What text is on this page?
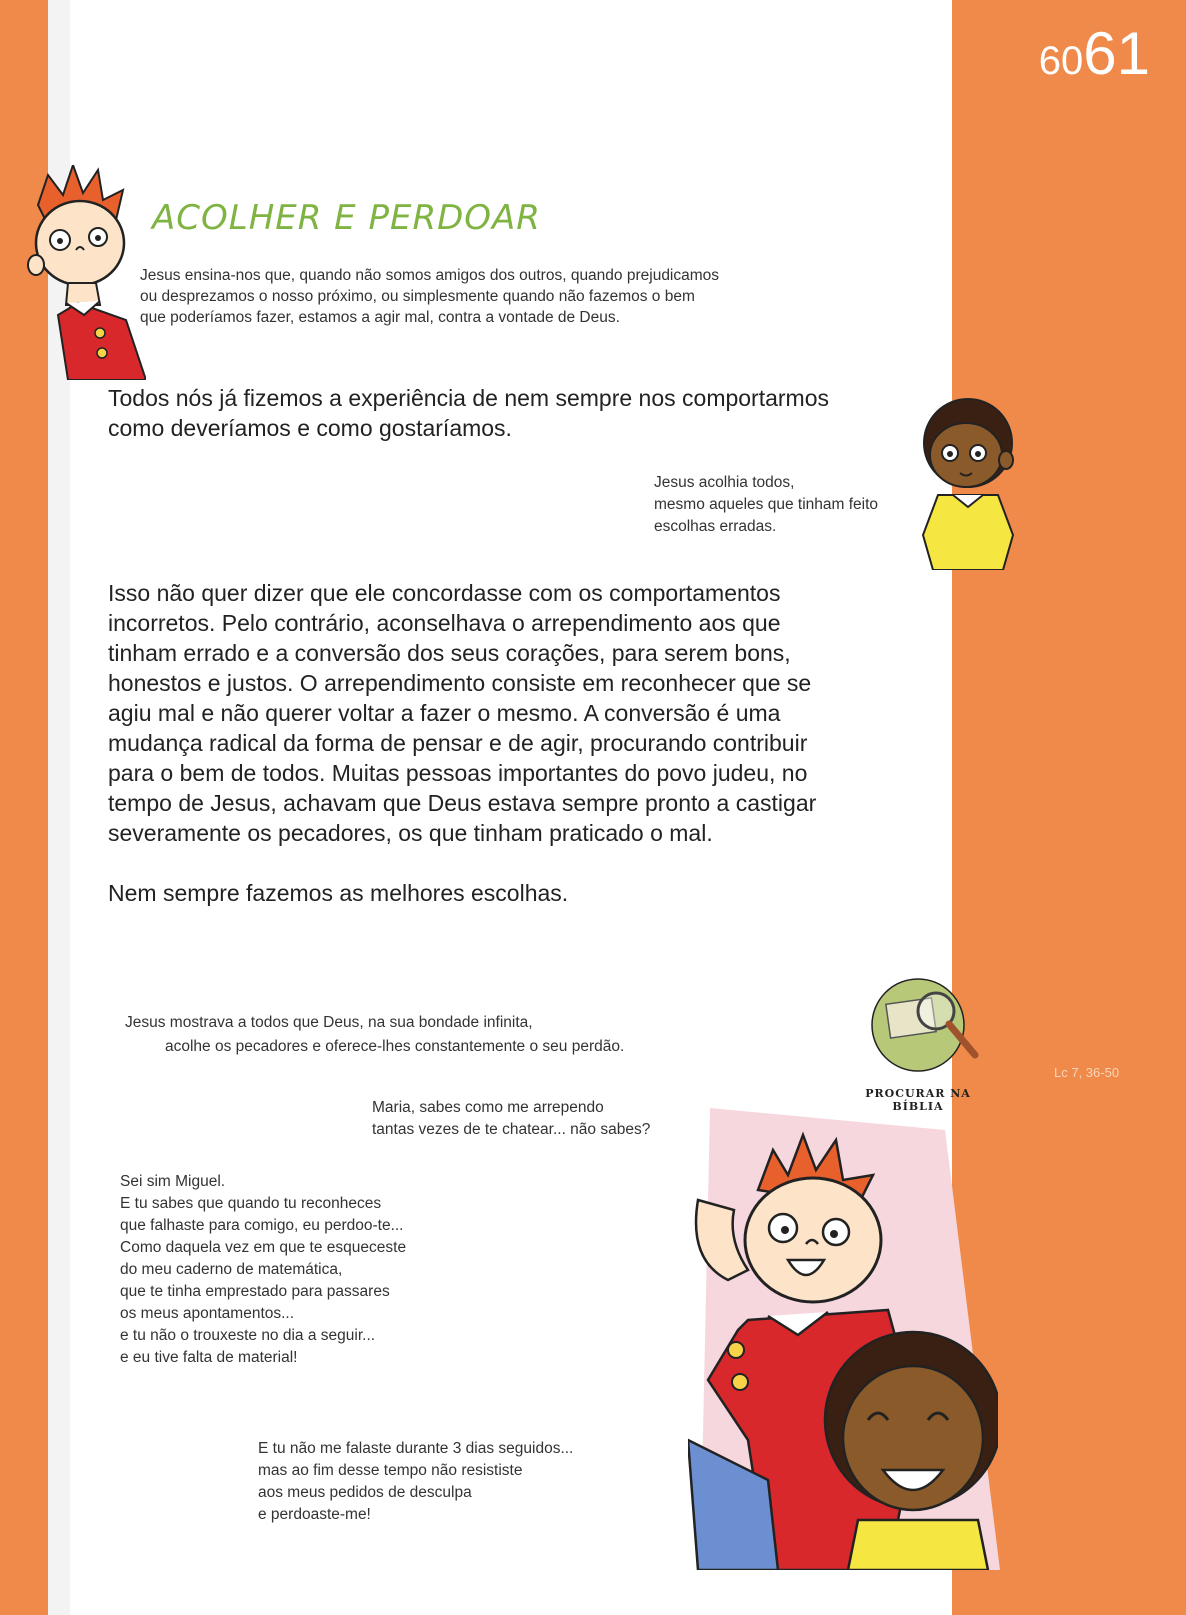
6061
ACOLHER E PERDOAR
Jesus ensina-nos que, quando não somos amigos dos outros, quando prejudicamos
ou desprezamos o nosso próximo, ou simplesmente quando não fazemos o bem
que poderíamos fazer, estamos a agir mal, contra a vontade de Deus.
Todos nós já fizemos a experiência de nem sempre nos comportarmos
como deveríamos e como gostaríamos.
Jesus acolhia todos,
mesmo aqueles que tinham feito
escolhas erradas.
Isso não quer dizer que ele concordasse com os comportamentos
incorretos. Pelo contrário, aconselhava o arrependimento aos que
tinham errado e a conversão dos seus corações, para serem bons,
honestos e justos. O arrependimento consiste em reconhecer que se
agiu mal e não querer voltar a fazer o mesmo. A conversão é uma
mudança radical da forma de pensar e de agir, procurando contribuir
para o bem de todos. Muitas pessoas importantes do povo judeu, no
tempo de Jesus, achavam que Deus estava sempre pronto a castigar
severamente os pecadores, os que tinham praticado o mal.
Nem sempre fazemos as melhores escolhas.
PROCURAR NA BÍBLIA
Jesus mostrava a todos que Deus, na sua bondade infinita,
acolhe os pecadores e oferece-lhes constantemente o seu perdão.
Lc 7, 36-50
Maria, sabes como me arrependo
tantas vezes de te chatear... não sabes?
Sei sim Miguel.
E tu sabes que quando tu reconheces
que falhaste para comigo, eu perdoo-te...
Como daquela vez em que te esqueceste
do meu caderno de matemática,
que te tinha emprestado para passares
os meus apontamentos...
e tu não o trouxeste no dia a seguir...
e eu tive falta de material!
E tu não me falaste durante 3 dias seguidos...
mas ao fim desse tempo não resististe
aos meus pedidos de desculpa
e perdoaste-me!
